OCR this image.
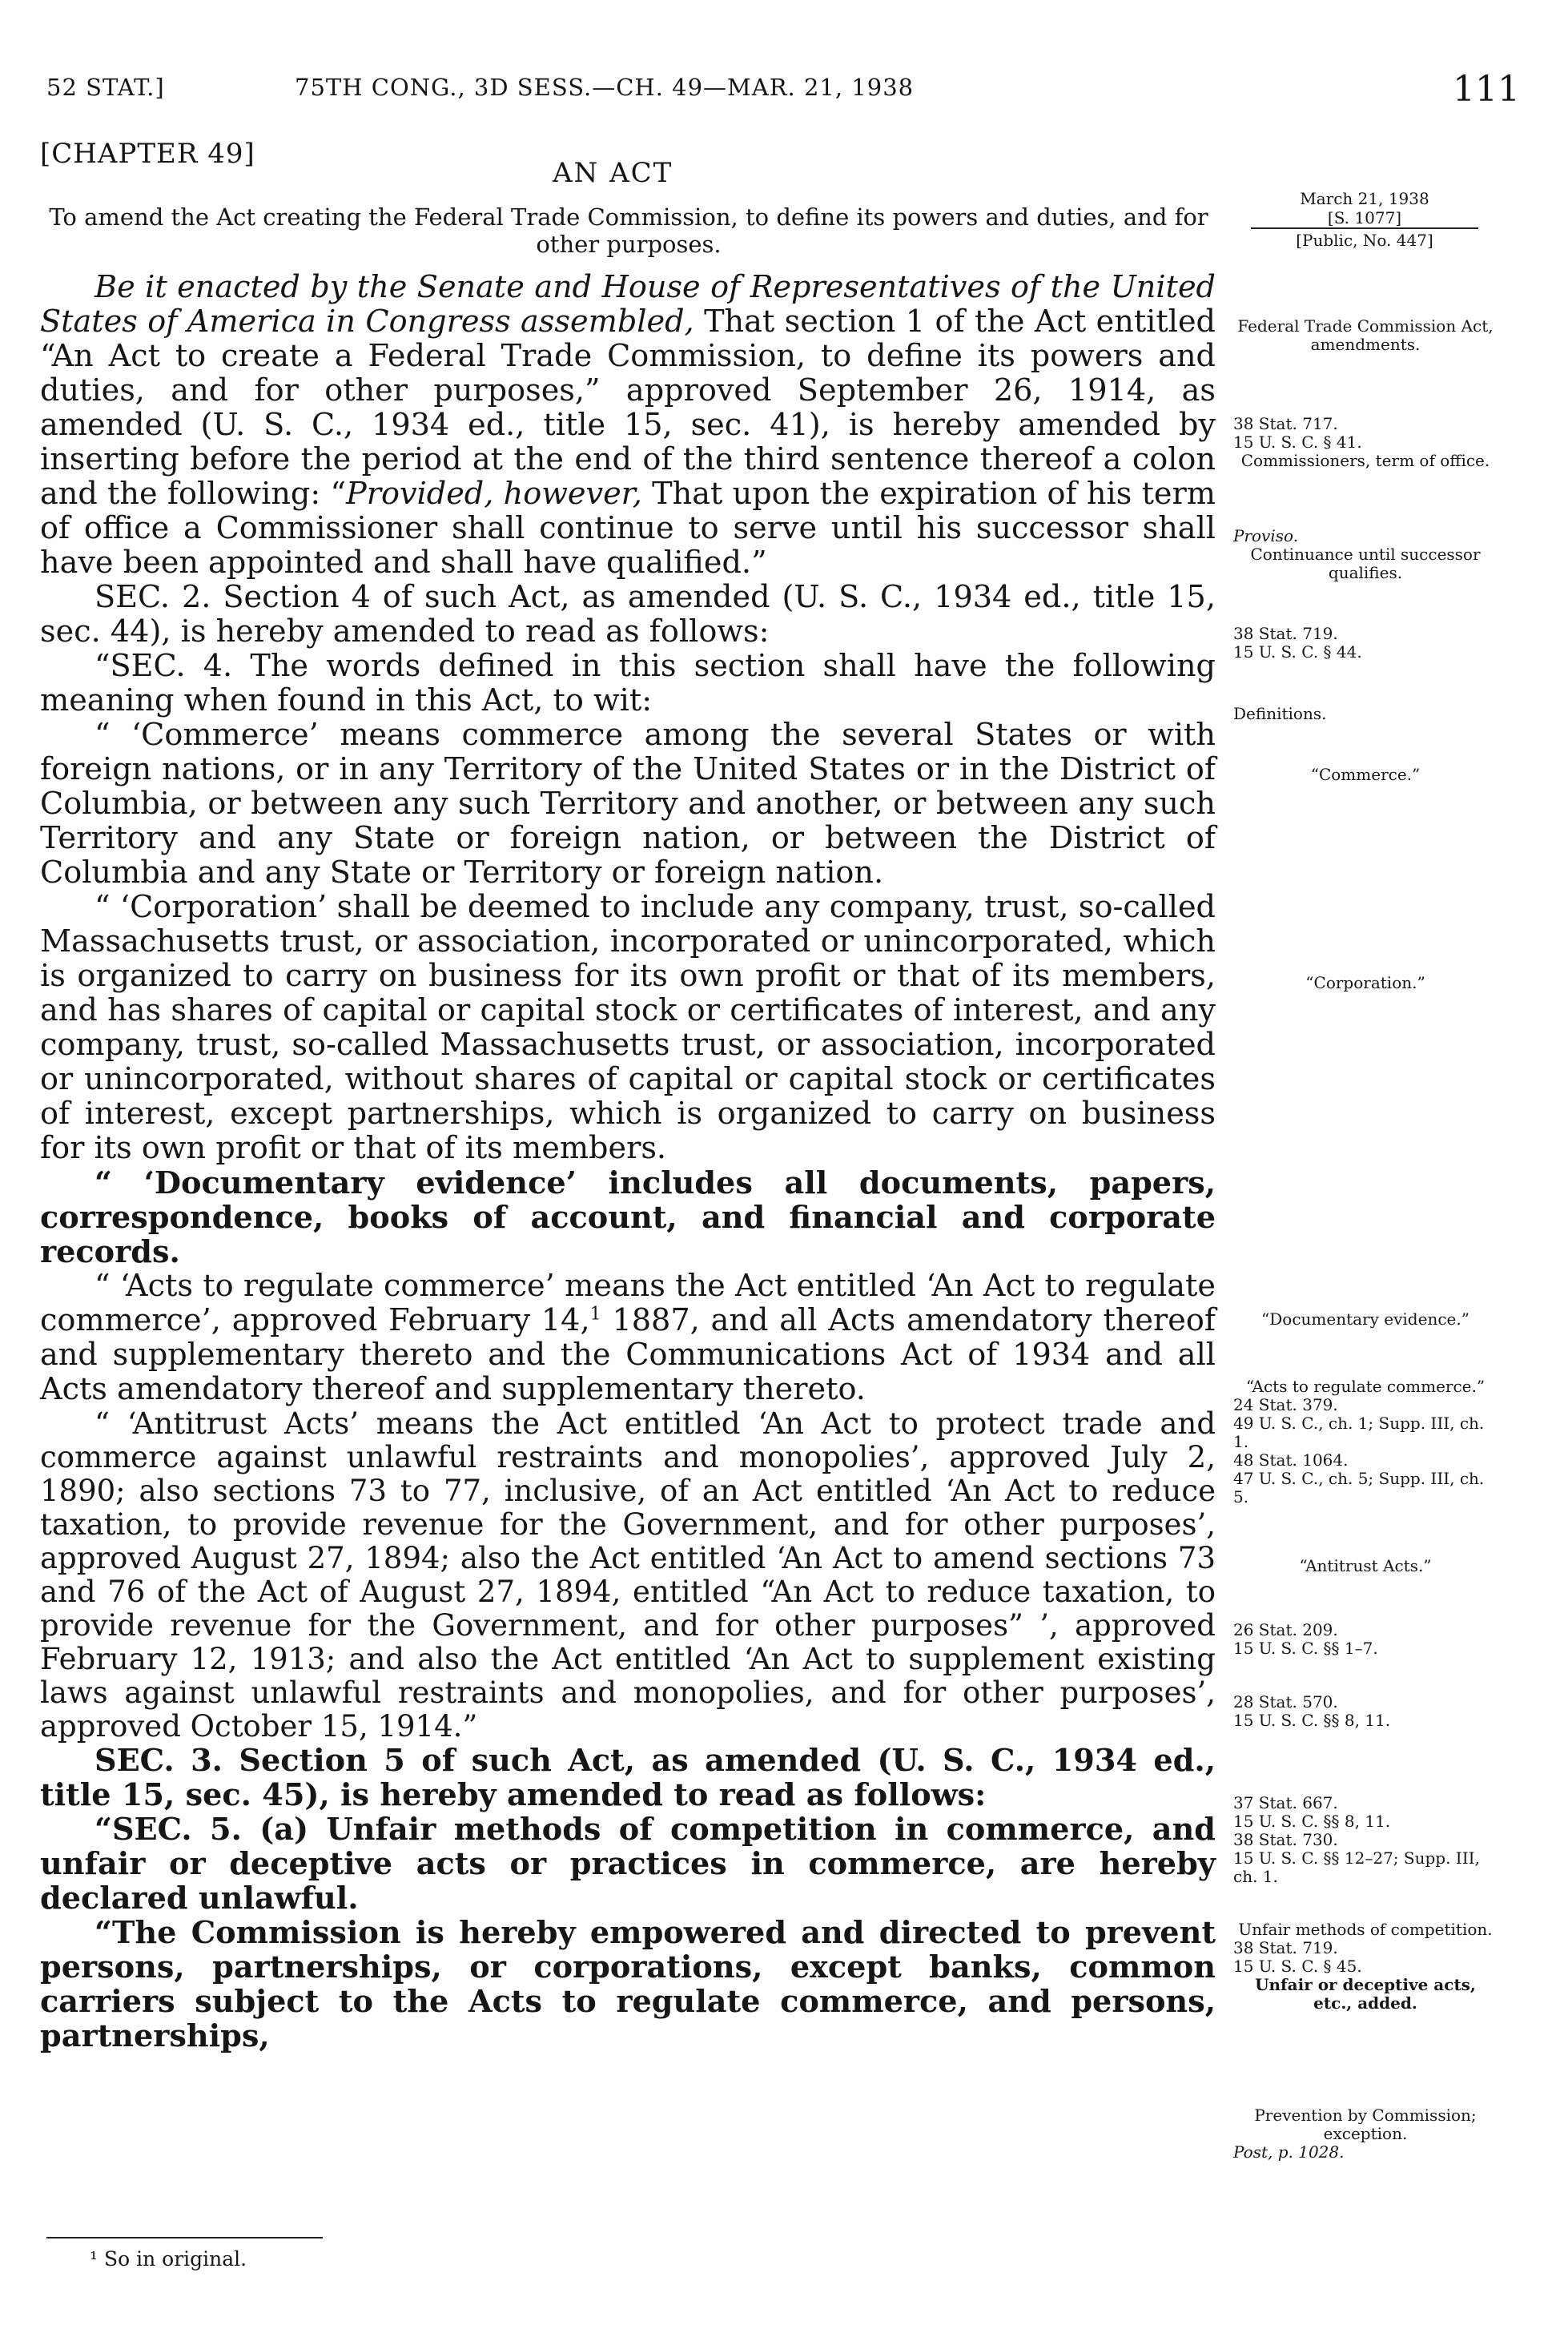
52 STAT.]	75TH CONG., 3D SESS.—CH. 49—MAR. 21, 1938	111
[CHAPTER 49]
AN ACT
To amend the Act creating the Federal Trade Commission, to define its powers and duties, and for other purposes.
March 21, 1938
[S. 1077]
[Public, No. 447]

Be it enacted by the Senate and House of Representatives of the United States of America in Congress assembled, That section 1 of the Act entitled “An Act to create a Federal Trade Commission, to define its powers and duties, and for other purposes,” approved September 26, 1914, as amended (U. S. C., 1934 ed., title 15, sec. 41), is hereby amended by inserting before the period at the end of the third sentence thereof a colon and the following: “Provided, however, That upon the expiration of his term of office a Commissioner shall continue to serve until his successor shall have been appointed and shall have qualified.”

SEC. 2. Section 4 of such Act, as amended (U. S. C., 1934 ed., title 15, sec. 44), is hereby amended to read as follows:

“SEC. 4. The words defined in this section shall have the following meaning when found in this Act, to wit:

“ ‘Commerce’ means commerce among the several States or with foreign nations, or in any Territory of the United States or in the District of Columbia, or between any such Territory and another, or between any such Territory and any State or foreign nation, or between the District of Columbia and any State or Territory or foreign nation.

“ ‘Corporation’ shall be deemed to include any company, trust, so-called Massachusetts trust, or association, incorporated or unincorporated, which is organized to carry on business for its own profit or that of its members, and has shares of capital or capital stock or certificates of interest, and any company, trust, so-called Massachusetts trust, or association, incorporated or unincorporated, without shares of capital or capital stock or certificates of interest, except partnerships, which is organized to carry on business for its own profit or that of its members.

“ ‘Documentary evidence’ includes all documents, papers, correspondence, books of account, and financial and corporate records.

“ ‘Acts to regulate commerce’ means the Act entitled ‘An Act to regulate commerce’, approved February 14,$^1$ 1887, and all Acts amendatory thereof and supplementary thereto and the Communications Act of 1934 and all Acts amendatory thereof and supplementary thereto.

“ ‘Antitrust Acts’ means the Act entitled ‘An Act to protect trade and commerce against unlawful restraints and monopolies’, approved July 2, 1890; also sections 73 to 77, inclusive, of an Act entitled ‘An Act to reduce taxation, to provide revenue for the Government, and for other purposes’, approved August 27, 1894; also the Act entitled ‘An Act to amend sections 73 and 76 of the Act of August 27, 1894, entitled “An Act to reduce taxation, to provide revenue for the Government, and for other purposes” ’, approved February 12, 1913; and also the Act entitled ‘An Act to supplement existing laws against unlawful restraints and monopolies, and for other purposes’, approved October 15, 1914.”

SEC. 3. Section 5 of such Act, as amended (U. S. C., 1934 ed., title 15, sec. 45), is hereby amended to read as follows:

“SEC. 5. (a) Unfair methods of competition in commerce, and unfair or deceptive acts or practices in commerce, are hereby declared unlawful.

“The Commission is hereby empowered and directed to prevent persons, partnerships, or corporations, except banks, common carriers subject to the Acts to regulate commerce, and persons, partnerships,

¹ So in original.
Federal Trade Commission Act, amendments.
38 Stat. 717.
15 U. S. C. § 41.

Commissioners, term of office.
Proviso.

Continuance until successor qualifies.
38 Stat. 719.
15 U. S. C. § 44.
Definitions.
“Commerce.”
“Corporation.”
“Documentary evidence.”
“Acts to regulate commerce.”
24 Stat. 379.
49 U. S. C., ch. 1; Supp. III, ch. 1.
48 Stat. 1064.
47 U. S. C., ch. 5; Supp. III, ch. 5.
“Antitrust Acts.”
26 Stat. 209.
15 U. S. C. §§ 1–7.
28 Stat. 570.
15 U. S. C. §§ 8, 11.
37 Stat. 667.
15 U. S. C. §§ 8, 11.
38 Stat. 730.
15 U. S. C. §§ 12–27; Supp. III, ch. 1.
Unfair methods of competition.
38 Stat. 719.
15 U. S. C. § 45.

Unfair or deceptive acts, etc., added.
Prevention by Commission; exception.
Post, p. 1028.
